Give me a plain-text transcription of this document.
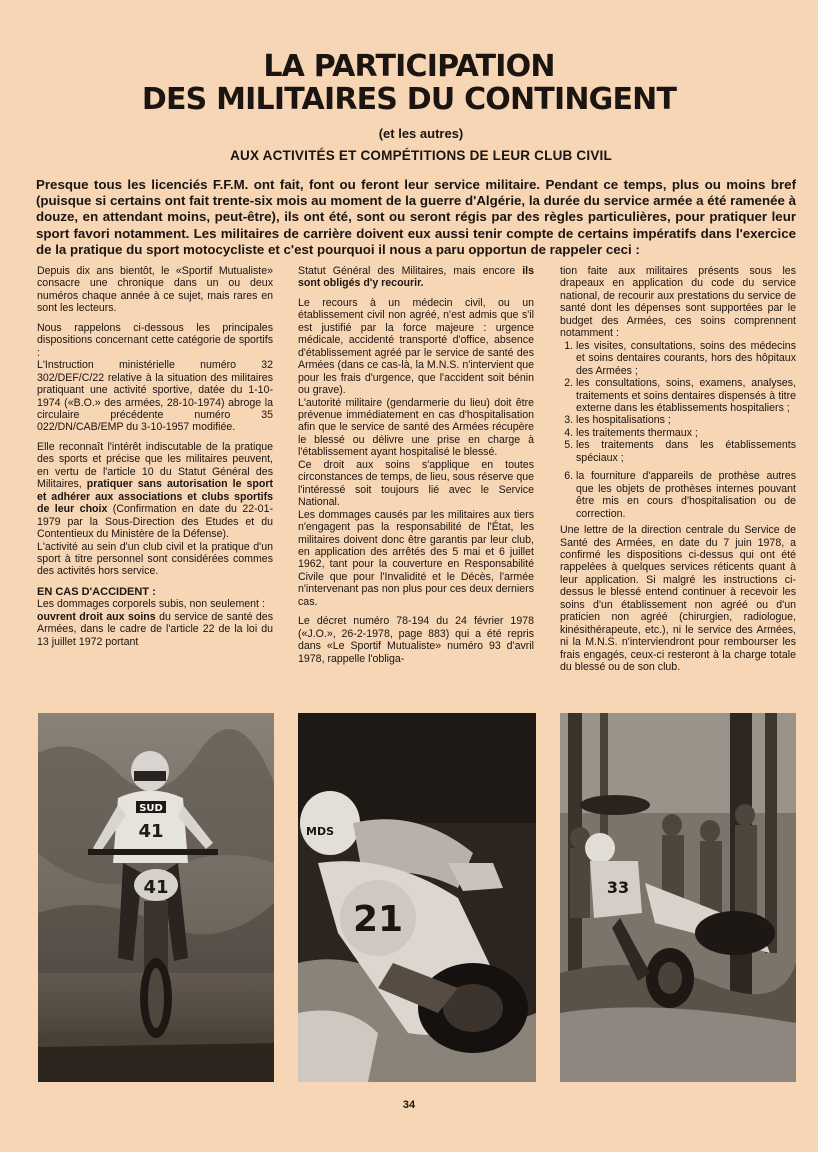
LA PARTICIPATION
DES MILITAIRES DU CONTINGENT

(et les autres)

AUX ACTIVITÉS ET COMPÉTITIONS DE LEUR CLUB CIVIL

Presque tous les licenciés F.F.M. ont fait, font ou feront leur service militaire. Pendant ce temps, plus ou moins bref (puisque si certains ont fait trente-six mois au moment de la guerre d'Algérie, la durée du service armée a été ramenée à douze, en attendant moins, peut-être), ils ont été, sont ou seront régis par des règles particulières, pour pratiquer leur sport favori notamment. Les militaires de carrière doivent eux aussi tenir compte de certains impératifs dans l'exercice de la pratique du sport motocycliste et c'est pourquoi il nous a paru opportun de rappeler ceci :

Depuis dix ans bientôt, le «Sportif Mutualiste» consacre une chronique dans un ou deux numéros chaque année à ce sujet, mais rares en sont les lecteurs.

Nous rappelons ci-dessous les principales dispositions concernant cette catégorie de sportifs :

L'Instruction ministérielle numéro 32 302/DEF/C/22 relative à la situation des militaires pratiquant une activité sportive, datée du 1-10-1974 («B.O.» des armées, 28-10-1974) abroge la circulaire précédente numéro 35 022/DN/CAB/EMP du 3-10-1957 modifiée.

Elle reconnaît l'intérêt indiscutable de la pratique des sports et précise que les militaires peuvent, en vertu de l'article 10 du Statut Général des Militaires, pratiquer sans autorisation le sport et adhérer aux associations et clubs sportifs de leur choix (Confirmation en date du 22-01-1979 par la Sous-Direction des Etudes et du Contentieux du Ministère de la Défense).

L'activité au sein d'un club civil et la pratique d'un sport à titre personnel sont considérées commes des activités hors service.

EN CAS D'ACCIDENT :

Les dommages corporels subis, non seulement :

ouvrent droit aux soins du service de santé des Armées, dans le cadre de l'article 22 de la loi du 13 juillet 1972 portant

Statut Général des Militaires, mais encore ils sont obligés d'y recourir.

Le recours à un médecin civil, ou un établissement civil non agréé, n'est admis que s'il est justifié par la force majeure : urgence médicale, accidenté transporté d'office, absence d'établissement agréé par le service de santé des Armées (dans ce cas-là, la M.N.S. n'intervient que pour les frais d'urgence, que l'accident soit bénin ou grave).

L'autorité militaire (gendarmerie du lieu) doit être prévenue immédiatement en cas d'hospitalisation afin que le service de santé des Armées récupère le blessé ou délivre une prise en charge à l'établissement ayant hospitalisé le blessé.

Ce droit aux soins s'applique en toutes circonstances de temps, de lieu, sous réserve que l'intéressé soit toujours lié avec le Service National.

Les dommages causés par les militaires aux tiers n'engagent pas la responsabilité de l'État, les militaires doivent donc être garantis par leur club, en application des arrêtés des 5 mai et 6 juillet 1962, tant pour la couverture en Responsabilité Civile que pour l'Invalidité et le Décès, l'armée n'intervenant pas non plus pour ces deux derniers cas.

Le décret numéro 78-194 du 24 février 1978 («J.O.», 26-2-1978, page 883) qui a été repris dans «Le Sportif Mutualiste» numéro 93 d'avril 1978, rappelle l'obliga-

tion faite aux militaires présents sous les drapeaux en application du code du service national, de recourir aux prestations du service de santé dont les dépenses sont supportées par le budget des Armées, ces soins comprennent notamment :

1. les visites, consultations, soins des médecins et soins dentaires courants, hors des hôpitaux des Armées ;
2. les consultations, soins, examens, analyses, traitements et soins dentaires dispensés à titre externe dans les établissements hospitaliers ;
3. les hospitalisations ;
4. les traitements thermaux ;
5. les traitements dans les établissements spéciaux ;
6. la fourniture d'appareils de prothèse autres que les objets de prothèses internes pouvant être mis en cours d'hospitalisation ou de correction.

Une lettre de la direction centrale du Service de Santé des Armées, en date du 7 juin 1978, a confirmé les dispositions ci-dessus qui ont été rappelées à quelques services réticents quant à leur application. Si malgré les instructions ci-dessus le blessé entend continuer à recevoir les soins d'un établissement non agréé ou d'un praticien non agréé (chirurgien, radiologue, kinésithérapeute, etc.), ni le service des Armées, ni la M.N.S. n'interviendront pour rembourser les frais engagés, ceux-ci resteront à la charge totale du blessé ou de son club.

SUD
41
41
MDS
21
33
34
